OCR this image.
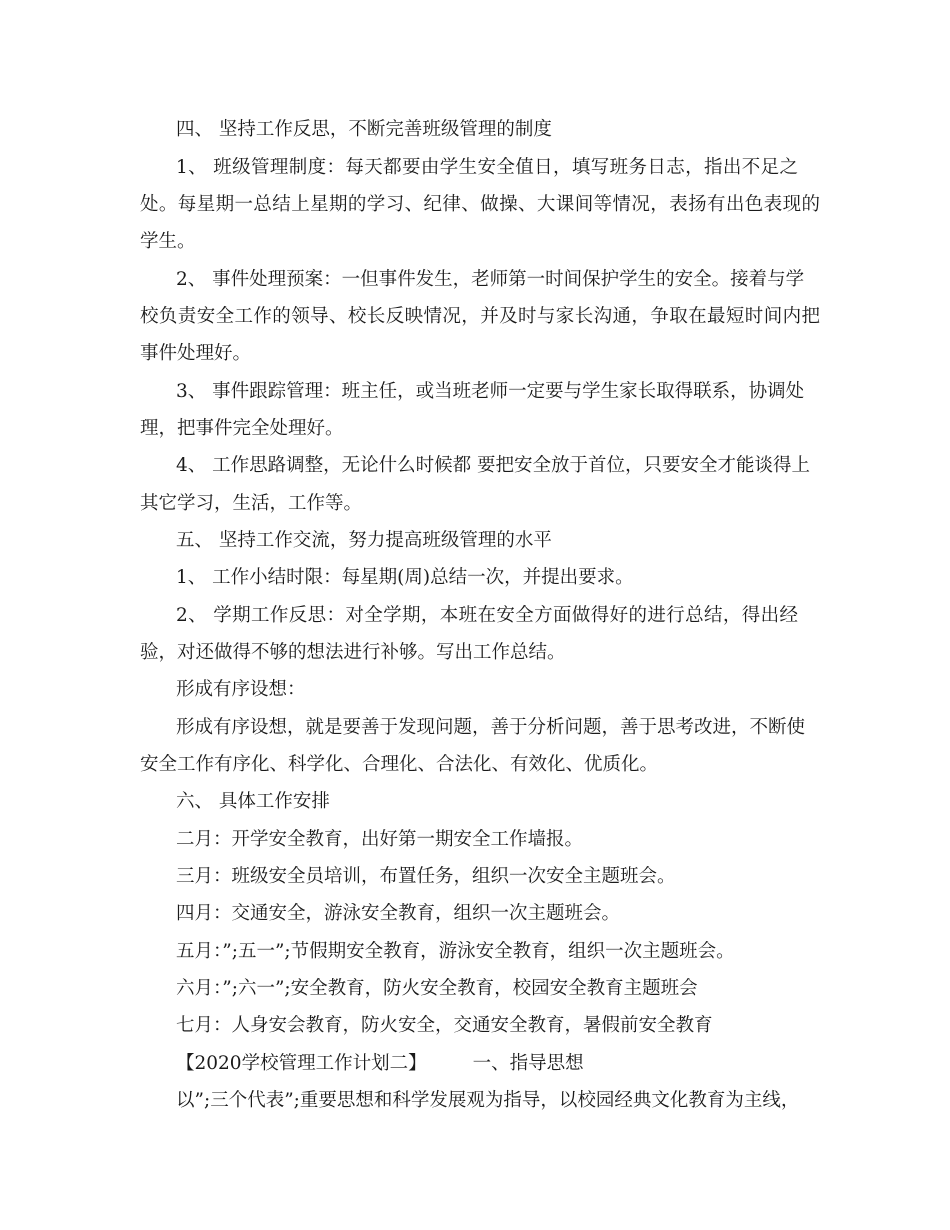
四、 坚持工作反思，不断完善班级管理的制度
1、 班级管理制度：每天都要由学生安全值日，填写班务日志，指出不足之
处。每星期一总结上星期的学习、纪律、做操、大课间等情况，表扬有出色表现的
学生。
2、 事件处理预案：一但事件发生，老师第一时间保护学生的安全。接着与学
校负责安全工作的领导、校长反映情况，并及时与家长沟通，争取在最短时间内把
事件处理好。
3、 事件跟踪管理：班主任，或当班老师一定要与学生家长取得联系，协调处
理，把事件完全处理好。
4、 工作思路调整，无论什么时候都 要把安全放于首位，只要安全才能谈得上
其它学习，生活，工作等。
五、 坚持工作交流，努力提高班级管理的水平
1、 工作小结时限：每星期(周)总结一次，并提出要求。
2、 学期工作反思：对全学期，本班在安全方面做得好的进行总结，得出经
验，对还做得不够的想法进行补够。写出工作总结。
形成有序设想：
形成有序设想，就是要善于发现问题，善于分析问题，善于思考改进，不断使
安全工作有序化、科学化、合理化、合法化、有效化、优质化。
六、 具体工作安排
二月：开学安全教育，出好第一期安全工作墙报。
三月：班级安全员培训，布置任务，组织一次安全主题班会。
四月：交通安全，游泳安全教育，组织一次主题班会。
五月：”;五一”;节假期安全教育，游泳安全教育，组织一次主题班会。
六月：”;六一”;安全教育，防火安全教育，校园安全教育主题班会
七月：人身安会教育，防火安全，交通安全教育，暑假前安全教育
【2020学校管理工作计划二】 一、指导思想
以”;三个代表”;重要思想和科学发展观为指导，以校园经典文化教育为主线，
